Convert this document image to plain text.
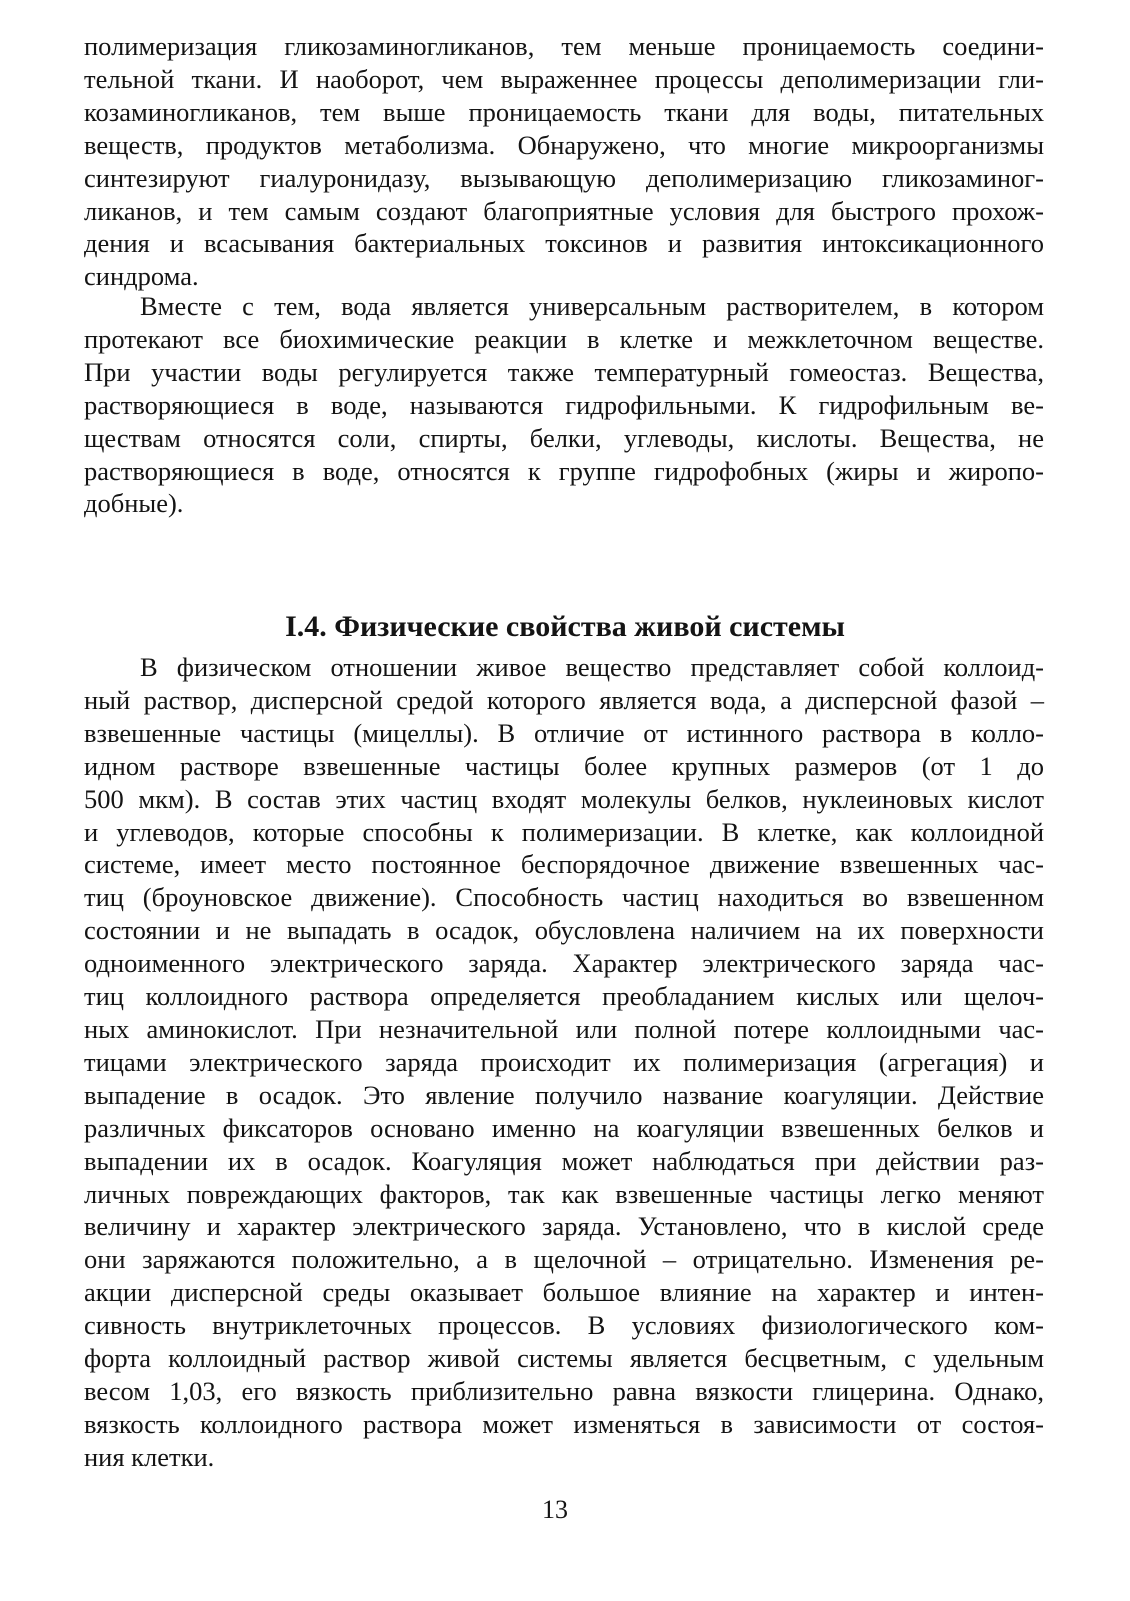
полимеризация гликозаминогликанов, тем меньше проницаемость соедини-
тельной ткани. И наоборот, чем выраженнее процессы деполимеризации гли-
козаминогликанов, тем выше проницаемость ткани для воды, питательных
веществ, продуктов метаболизма. Обнаружено, что многие микроорганизмы
синтезируют гиалуронидазу, вызывающую деполимеризацию гликозаминог-
ликанов, и тем самым создают благоприятные условия для быстрого прохож-
дения и всасывания бактериальных токсинов и развития интоксикационного
синдрома.
Вместе с тем, вода является универсальным растворителем, в котором
протекают все биохимические реакции в клетке и межклеточном веществе.
При участии воды регулируется также температурный гомеостаз. Вещества,
растворяющиеся в воде, называются гидрофильными. К гидрофильным ве-
ществам относятся соли, спирты, белки, углеводы, кислоты. Вещества, не
растворяющиеся в воде, относятся к группе гидрофобных (жиры и жиропо-
добные).
I.4. Физические свойства живой системы
В физическом отношении живое вещество представляет собой коллоид-
ный раствор, дисперсной средой которого является вода, а дисперсной фазой –
взвешенные частицы (мицеллы). В отличие от истинного раствора в колло-
идном растворе взвешенные частицы более крупных размеров (от 1 до
500 мкм). В состав этих частиц входят молекулы белков, нуклеиновых кислот
и углеводов, которые способны к полимеризации. В клетке, как коллоидной
системе, имеет место постоянное беспорядочное движение взвешенных час-
тиц (броуновское движение). Способность частиц находиться во взвешенном
состоянии и не выпадать в осадок, обусловлена наличием на их поверхности
одноименного электрического заряда. Характер электрического заряда час-
тиц коллоидного раствора определяется преобладанием кислых или щелоч-
ных аминокислот. При незначительной или полной потере коллоидными час-
тицами электрического заряда происходит их полимеризация (агрегация) и
выпадение в осадок. Это явление получило название коагуляции. Действие
различных фиксаторов основано именно на коагуляции взвешенных белков и
выпадении их в осадок. Коагуляция может наблюдаться при действии раз-
личных повреждающих факторов, так как взвешенные частицы легко меняют
величину и характер электрического заряда. Установлено, что в кислой среде
они заряжаются положительно, а в щелочной – отрицательно. Изменения ре-
акции дисперсной среды оказывает большое влияние на характер и интен-
сивность внутриклеточных процессов. В условиях физиологического ком-
форта коллоидный раствор живой системы является бесцветным, с удельным
весом 1,03, его вязкость приблизительно равна вязкости глицерина. Однако,
вязкость коллоидного раствора может изменяться в зависимости от состоя-
ния клетки.
13
